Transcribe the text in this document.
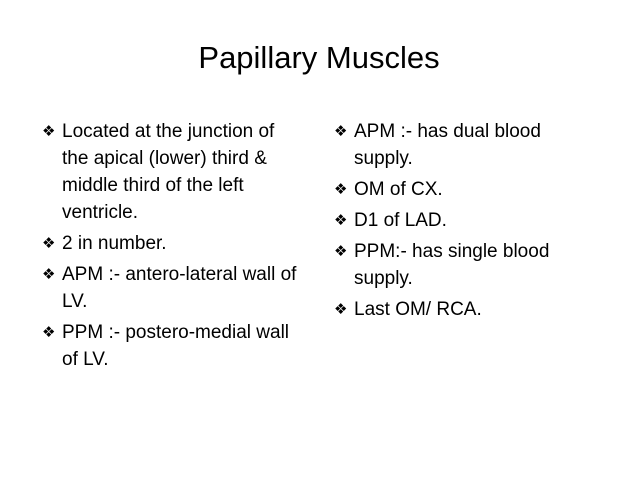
Papillary Muscles
❖ Located at the junction of the apical (lower) third & middle third of the left ventricle.
❖ 2 in number.
❖ APM :- antero-lateral wall of LV.
❖ PPM :- postero-medial wall of LV.
❖ APM :- has dual blood supply.
❖ OM of CX.
❖ D1 of LAD.
❖ PPM:- has single blood supply.
❖ Last OM/ RCA.
